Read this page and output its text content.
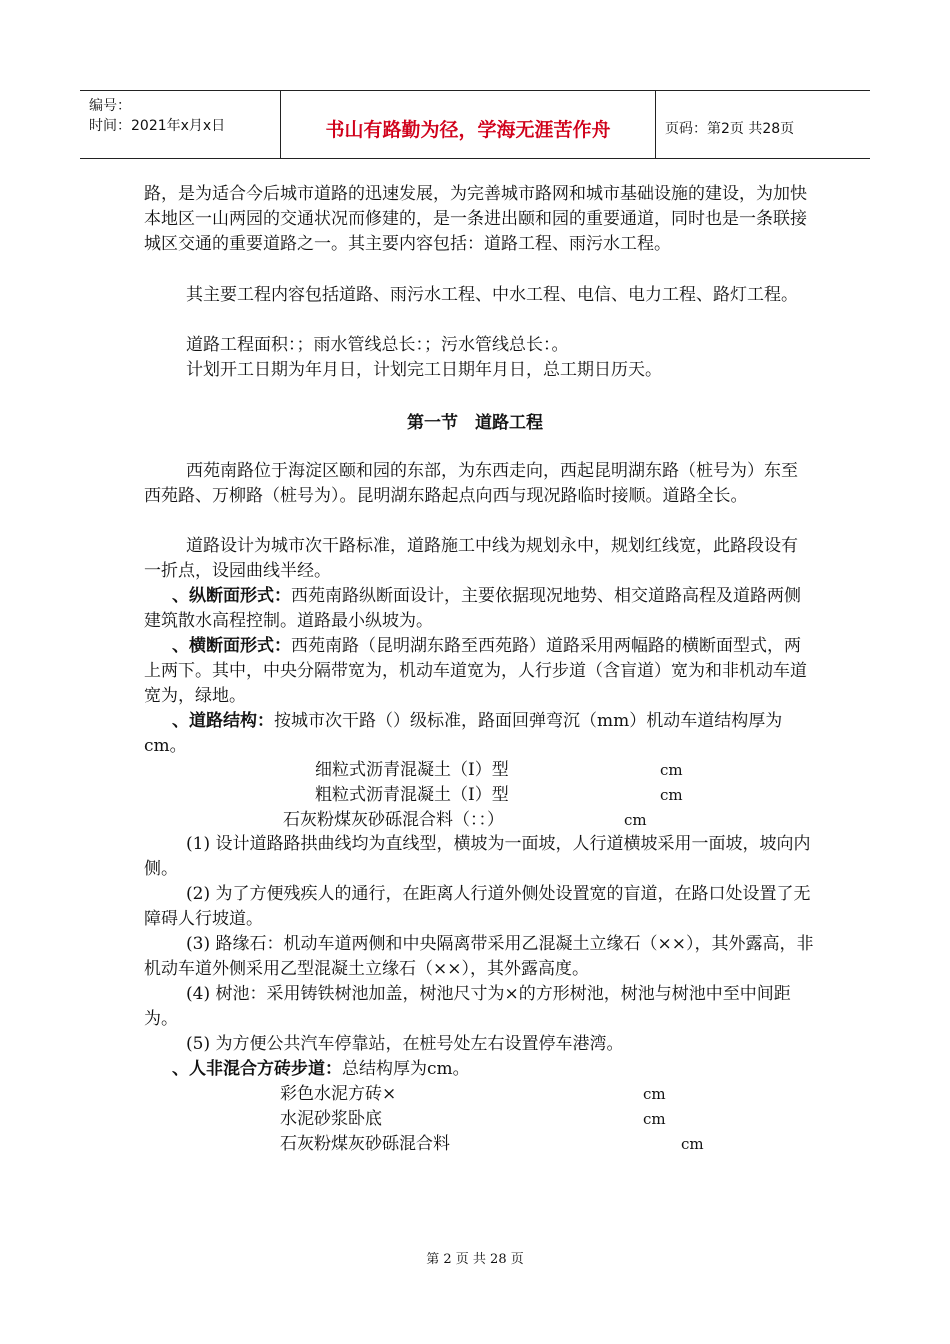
编号：
时间：2021年x月x日	书山有路勤为径，学海无涯苦作舟	页码：第2页 共28页

路，是为适合今后城市道路的迅速发展，为完善城市路网和城市基础设施的建设，为加快本地区一山两园的交通状况而修建的，是一条进出颐和园的重要通道，同时也是一条联接城区交通的重要道路之一。其主要内容包括：道路工程、雨污水工程。

其主要工程内容包括道路、雨污水工程、中水工程、电信、电力工程、路灯工程。

道路工程面积：；雨水管线总长：；污水管线总长：。

计划开工日期为年月日，计划完工日期年月日，总工期日历天。

第一节　道路工程

西苑南路位于海淀区颐和园的东部，为东西走向，西起昆明湖东路（桩号为）东至西苑路、万柳路（桩号为）。昆明湖东路起点向西与现况路临时接顺。道路全长。

道路设计为城市次干路标准，道路施工中线为规划永中，规划红线宽，此路段设有一折点，设园曲线半经。

、纵断面形式：西苑南路纵断面设计，主要依据现况地势、相交道路高程及道路两侧建筑散水高程控制。道路最小纵坡为。

、横断面形式：西苑南路（昆明湖东路至西苑路）道路采用两幅路的横断面型式，两上两下。其中，中央分隔带宽为，机动车道宽为，人行步道（含盲道）宽为和非机动车道宽为，绿地。

、道路结构：按城市次干路（）级标准，路面回弹弯沉（mm）机动车道结构厚为cm。

细粒式沥青混凝土（Ⅰ）型	cm
粗粒式沥青混凝土（Ⅰ）型	cm
石灰粉煤灰砂砾混合料（：：）	cm

(1) 设计道路路拱曲线均为直线型，横坡为一面坡，人行道横坡采用一面坡，坡向内侧。

(2) 为了方便残疾人的通行，在距离人行道外侧处设置宽的盲道，在路口处设置了无障碍人行坡道。

(3) 路缘石：机动车道两侧和中央隔离带采用乙混凝土立缘石（××），其外露高，非机动车道外侧采用乙型混凝土立缘石（××），其外露高度。

(4) 树池：采用铸铁树池加盖，树池尺寸为×的方形树池，树池与树池中至中间距为。

(5) 为方便公共汽车停靠站，在桩号处左右设置停车港湾。

、人非混合方砖步道：总结构厚为cm。

彩色水泥方砖×	cm
水泥砂浆卧底	cm
石灰粉煤灰砂砾混合料	cm
第 2 页 共 28 页
